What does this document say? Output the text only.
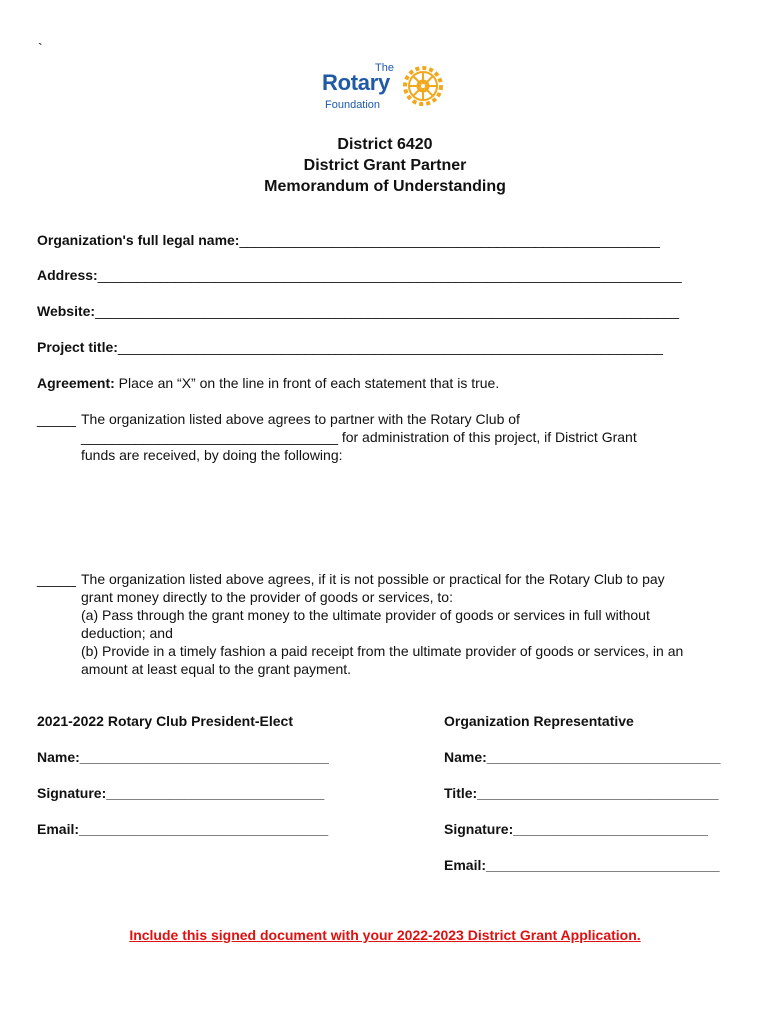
`
The
Rotary
Foundation
District 6420
District Grant Partner
Memorandum of Understanding
Organization's full legal name:______________________________________________________
Address:___________________________________________________________________________
Website:___________________________________________________________________________
Project title:______________________________________________________________________
Agreement: Place an “X” on the line in front of each statement that is true.
_____ The organization listed above agrees to partner with the Rotary Club of
_________________________________ for administration of this project, if District Grant
funds are received, by doing the following:
_____ The organization listed above agrees, if it is not possible or practical for the Rotary Club to pay
grant money directly to the provider of goods or services, to:
(a) Pass through the grant money to the ultimate provider of goods or services in full without
deduction; and
(b) Provide in a timely fashion a paid receipt from the ultimate provider of goods or services, in an
amount at least equal to the grant payment.
2021-2022 Rotary Club President-Elect
Name:________________________________
Signature:____________________________
Email:________________________________
Organization Representative
Name:______________________________
Title:_______________________________
Signature:_________________________
Email:______________________________
Include this signed document with your 2022-2023 District Grant Application.
